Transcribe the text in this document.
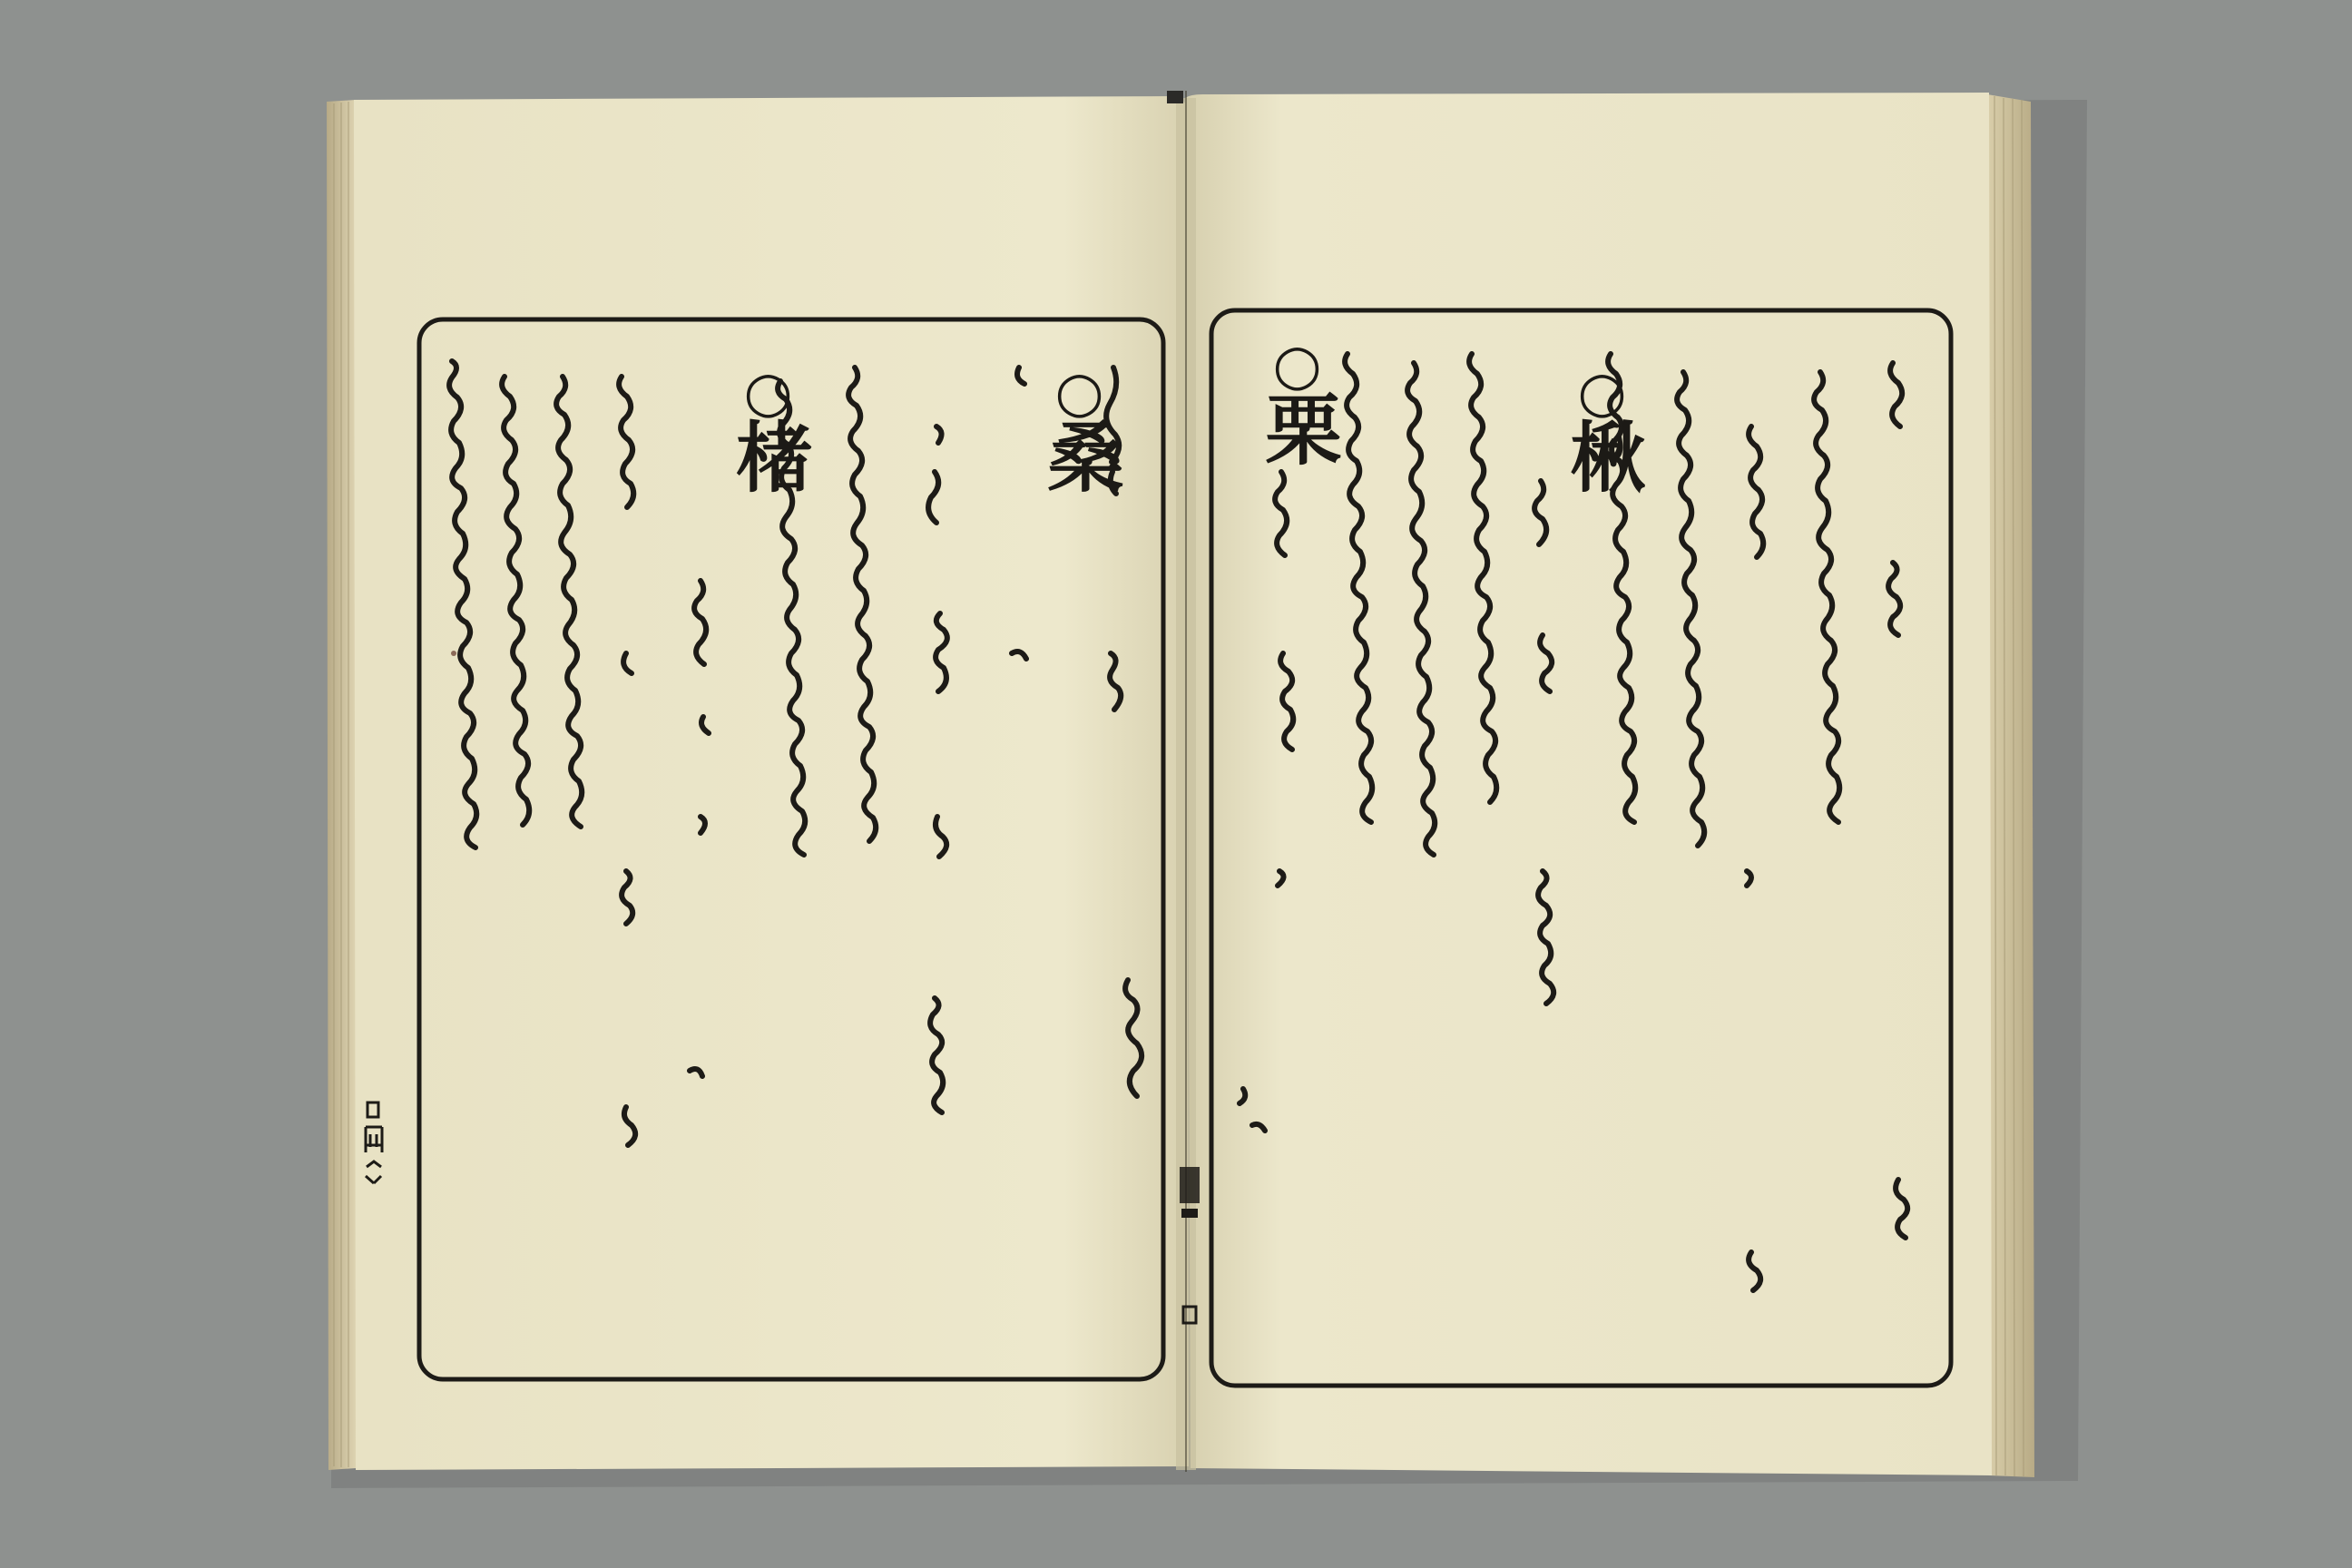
桑
○
楮
○
楸
○
栗
○
